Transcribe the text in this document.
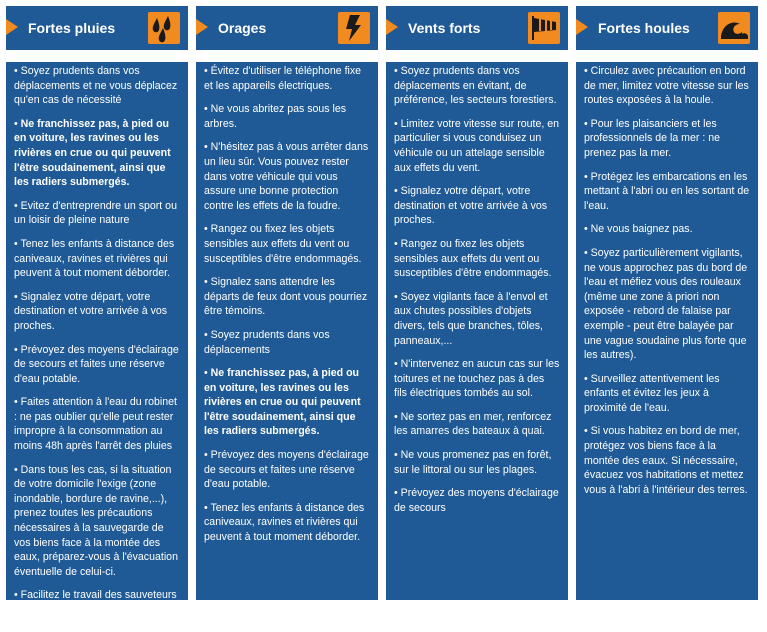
Fortes pluies
• Soyez prudents dans vos déplacements et ne vous déplacez qu'en cas de nécessité
• Ne franchissez pas, à pied ou en voiture, les ravines ou les rivières en crue ou qui peuvent l'être soudainement, ainsi que les radiers submergés.
• Evitez d'entreprendre un sport ou un loisir de pleine nature
• Tenez les enfants à distance des caniveaux, ravines et rivières qui peuvent à tout moment déborder.
• Signalez votre départ, votre destination et votre arrivée à vos proches.
• Prévoyez des moyens d'éclairage de secours et faites une réserve d'eau potable.
• Faites attention à l'eau du robinet : ne pas oublier qu'elle peut rester impropre à la consommation au moins 48h après l'arrêt des pluies
• Dans tous les cas, si la situation de votre domicile l'exige (zone inondable, bordure de ravine,...), prenez toutes les précautions nécessaires à la sauvegarde de vos biens face à la montée des eaux, préparez-vous à l'évacuation éventuelle de celui-ci.
• Facilitez le travail des sauveteurs qui vous proposent une évacuation et soyez attentifs à leurs conseils.
Orages
• Évitez d'utiliser le téléphone fixe et les appareils électriques.
• Ne vous abritez pas sous les arbres.
• N'hésitez pas à vous arrêter dans un lieu sûr. Vous pouvez rester dans votre véhicule qui vous assure une bonne protection contre les effets de la foudre.
• Rangez ou fixez les objets sensibles aux effets du vent ou susceptibles d'être endommagés.
• Signalez sans attendre les départs de feux dont vous pourriez être témoins.
• Soyez prudents dans vos déplacements
• Ne franchissez pas, à pied ou en voiture, les ravines ou les rivières en crue ou qui peuvent l'être soudainement, ainsi que les radiers submergés.
• Prévoyez des moyens d'éclairage de secours et faites une réserve d'eau potable.
• Tenez les enfants à distance des caniveaux, ravines et rivières qui peuvent à tout moment déborder.
Vents forts
• Soyez prudents dans vos déplacements en évitant, de préférence, les secteurs forestiers.
• Limitez votre vitesse sur route, en particulier si vous conduisez un véhicule ou un attelage sensible aux effets du vent.
• Signalez votre départ, votre destination et votre arrivée à vos proches.
• Rangez ou fixez les objets sensibles aux effets du vent ou susceptibles d'être endommagés.
• Soyez vigilants face à l'envol et aux chutes possibles d'objets divers, tels que branches, tôles, panneaux,...
• N'intervenez en aucun cas sur les toitures et ne touchez pas à des fils électriques tombés au sol.
• Ne sortez pas en mer, renforcez les amarres des bateaux à quai.
• Ne vous promenez pas en forêt, sur le littoral ou sur les plages.
• Prévoyez des moyens d'éclairage de secours
Fortes houles
• Circulez avec précaution en bord de mer, limitez votre vitesse sur les routes exposées à la houle.
• Pour les plaisanciers et les professionnels de la mer : ne prenez pas la mer.
• Protégez les embarcations en les mettant à l'abri ou en les sortant de l'eau.
• Ne vous baignez pas.
• Soyez particulièrement vigilants, ne vous approchez pas du bord de l'eau et méfiez vous des rouleaux (même une zone à priori non exposée - rebord de falaise par exemple - peut être balayée par une vague soudaine plus forte que les autres).
• Surveillez attentivement les enfants et évitez les jeux à proximité de l'eau.
• Si vous habitez en bord de mer, protégez vos biens face à la montée des eaux. Si nécessaire, évacuez vos habitations et mettez vous à l'abri à l'intérieur des terres.
